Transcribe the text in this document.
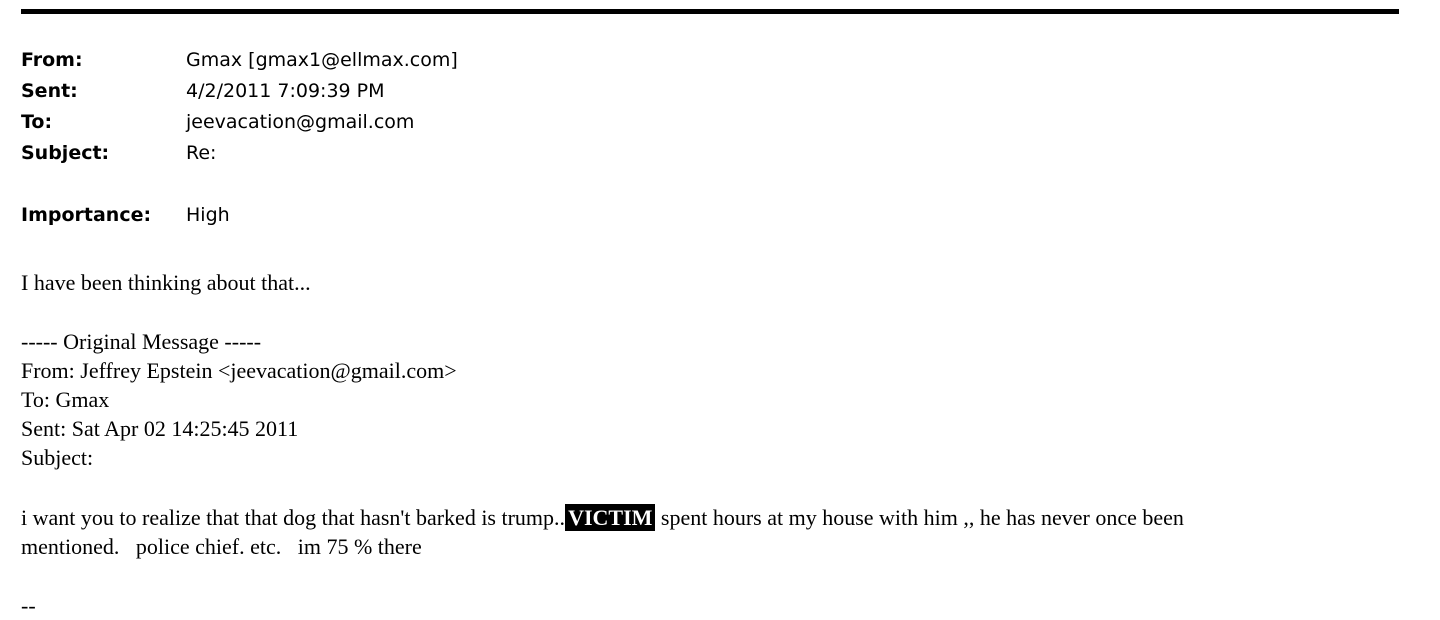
From:	Gmax [gmax1@ellmax.com]
Sent:	4/2/2011 7:09:39 PM
To:	jeevacation@gmail.com
Subject:	Re:
Importance:	High
I have been thinking about that...
----- Original Message -----
From: Jeffrey Epstein <jeevacation@gmail.com>
To: Gmax
Sent: Sat Apr 02 14:25:45 2011
Subject:
i want you to realize that that dog that hasn't barked is trump.. VICTIM spent hours at my house with him ,, he has never once been
mentioned.   police chief. etc.   im 75 % there
--
